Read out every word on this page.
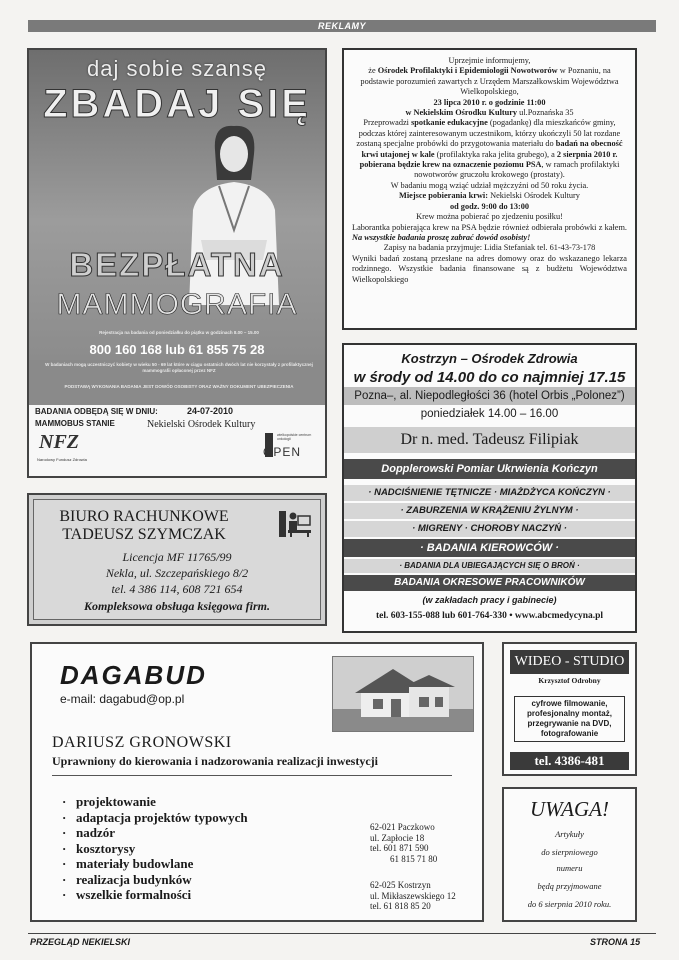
REKLAMY
daj sobie szansę
ZBADAJ SIĘ
BEZPŁATNA
MAMMOGRAFIA
Rejestracja na badania od poniedziałku do piątku w godzinach 8.00 – 15.00
800 160 168 lub 61 855 75 28
W badaniach mogą uczestniczyć kobiety w wieku 50 - 69 lat które w ciągu ostatnich dwóch lat nie korzystały z profilaktycznej mammografii opłaconej przez NFZ
PODSTAWĄ WYKONANIA BADANIA JEST DOWÓD OSOBISTY ORAZ WAŻNY DOKUMENT UBEZPIECZENIA
BADANIA ODBĘDĄ SIĘ W DNIU:	24-07-2010
MAMMOBUS STANIE	Nekielski Ośrodek Kultury
NFZ
Narodowy Fundusz Zdrowia
wielkopolskie centrum onkologii
OPEN

Uprzejmie informujemy,

że Ośrodek Profilaktyki i Epidemiologii Nowotworów w Poznaniu, na podstawie porozumień zawartych z Urzędem Marszałkowskim Województwa Wielkopolskiego,

23 lipca 2010 r. o godzinie 11:00

w Nekielskim Ośrodku Kultury ul.Poznańska 35

Przeprowadzi spotkanie edukacyjne (pogadankę) dla mieszkańców gminy, podczas której zainteresowanym uczestnikom, którzy ukończyli 50 lat rozdane zostaną specjalne probówki do przygotowania materiału do badań na obecność krwi utajonej w kale (profilaktyka raka jelita grubego), a 2 sierpnia 2010 r.

pobierana będzie krew na oznaczenie poziomu PSA, w ramach profilaktyki nowotworów gruczołu krokowego (prostaty).

W badaniu mogą wziąć udział mężczyźni od 50 roku życia.

Miejsce pobierania krwi: Nekielski Ośrodek Kultury

od godz. 9:00 do 13:00

Krew można pobierać po zjedzeniu posiłku!

Laborantka pobierająca krew na PSA będzie również odbierała probówki z kałem. Na wszystkie badania proszę zabrać dowód osobisty!

Zapisy na badania przyjmuje: Lidia Stefaniak tel. 61-43-73-178

Wyniki badań zostaną przesłane na adres domowy oraz do wskazanego lekarza rodzinnego. Wszystkie badania finansowane są z budżetu Województwa Wielkopolskiego

Kostrzyn – Ośrodek Zdrowia
w środy od 14.00 do co najmniej 17.15
Pozna–, al. Niepodległości 36 (hotel Orbis „Polonez”)
poniedziałek 14.00 – 16.00
Dr n. med. Tadeusz Filipiak
Dopplerowski Pomiar Ukrwienia Kończyn
· NADCIŚNIENIE TĘTNICZE · MIAŻDŻYCA KOŃCZYN ·
· ZABURZENIA W KRĄŻENIU ŻYLNYM ·
· MIGRENY · CHOROBY NACZYŃ ·
· BADANIA KIEROWCÓW ·
· BADANIA DLA UBIEGAJĄCYCH SIĘ O BROŃ ·
BADANIA OKRESOWE PRACOWNIKÓW
(w zakładach pracy i gabinecie)
tel. 603-155-088 lub 601-764-330 • www.abcmedycyna.pl
BIURO RACHUNKOWE
TADEUSZ SZYMCZAK
Licencja MF 11765/99
Nekla, ul. Szczepańskiego 8/2
tel. 4 386 114, 608 721 654
Kompleksowa obsługa księgowa firm.
DAGABUD
e-mail: dagabud@op.pl
DARIUSZ GRONOWSKI
Uprawniony do kierowania i nadzorowania realizacji inwestycji
· projektowanie
· adaptacja projektów typowych
· nadzór
· kosztorysy
· materiały budowlane
· realizacja budynków
· wszelkie formalności
62-021 Paczkowo
ul. Zapłocie 18
tel. 601 871 590
61 815 71 80
62-025 Kostrzyn
ul. Mikłaszewskiego 12
tel. 61 818 85 20
WIDEO - STUDIO
Krzysztof Odrobny
cyfrowe filmowanie, profesjonalny montaż, przegrywanie na DVD, fotografowanie
tel. 4386-481
UWAGA!
Artykuły
do sierpniowego
numeru
będą przyjmowane
do 6 sierpnia 2010 roku.
PRZEGLĄD NEKIELSKI	STRONA 15
